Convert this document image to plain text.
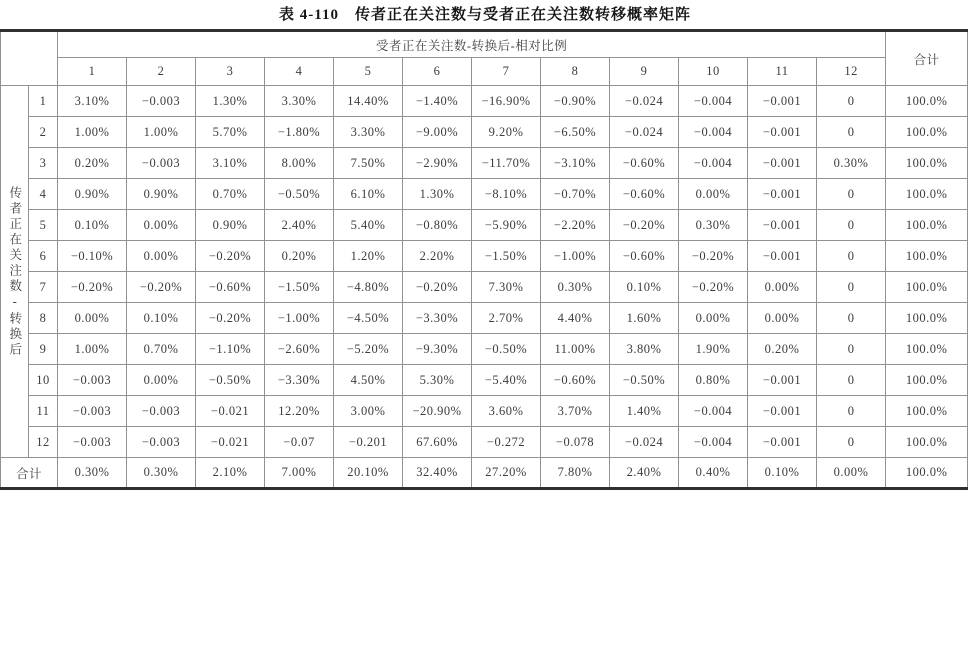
表 4-110　传者正在关注数与受者正在关注数转移概率矩阵
		受者正在关注数-转换后-相对比例												合计
		1	2	3	4	5	6	7	8	9	10	11	12	

传者正在关注数-转换后	1	3.10%	−0.003	1.30%	3.30%	14.40%	−1.40%	−16.90%	−0.90%	−0.024	−0.004	−0.001	0	100.0%
	2	1.00%	1.00%	5.70%	−1.80%	3.30%	−9.00%	9.20%	−6.50%	−0.024	−0.004	−0.001	0	100.0%
	3	0.20%	−0.003	3.10%	8.00%	7.50%	−2.90%	−11.70%	−3.10%	−0.60%	−0.004	−0.001	0.30%	100.0%
	4	0.90%	0.90%	0.70%	−0.50%	6.10%	1.30%	−8.10%	−0.70%	−0.60%	0.00%	−0.001	0	100.0%
	5	0.10%	0.00%	0.90%	2.40%	5.40%	−0.80%	−5.90%	−2.20%	−0.20%	0.30%	−0.001	0	100.0%
	6	−0.10%	0.00%	−0.20%	0.20%	1.20%	2.20%	−1.50%	−1.00%	−0.60%	−0.20%	−0.001	0	100.0%
	7	−0.20%	−0.20%	−0.60%	−1.50%	−4.80%	−0.20%	7.30%	0.30%	0.10%	−0.20%	0.00%	0	100.0%
	8	0.00%	0.10%	−0.20%	−1.00%	−4.50%	−3.30%	2.70%	4.40%	1.60%	0.00%	0.00%	0	100.0%
	9	1.00%	0.70%	−1.10%	−2.60%	−5.20%	−9.30%	−0.50%	11.00%	3.80%	1.90%	0.20%	0	100.0%
	10	−0.003	0.00%	−0.50%	−3.30%	4.50%	5.30%	−5.40%	−0.60%	−0.50%	0.80%	−0.001	0	100.0%
	11	−0.003	−0.003	−0.021	12.20%	3.00%	−20.90%	3.60%	3.70%	1.40%	−0.004	−0.001	0	100.0%
	12	−0.003	−0.003	−0.021	−0.07	−0.201	67.60%	−0.272	−0.078	−0.024	−0.004	−0.001	0	100.0%
合计		0.30%	0.30%	2.10%	7.00%	20.10%	32.40%	27.20%	7.80%	2.40%	0.40%	0.10%	0.00%	100.0%
